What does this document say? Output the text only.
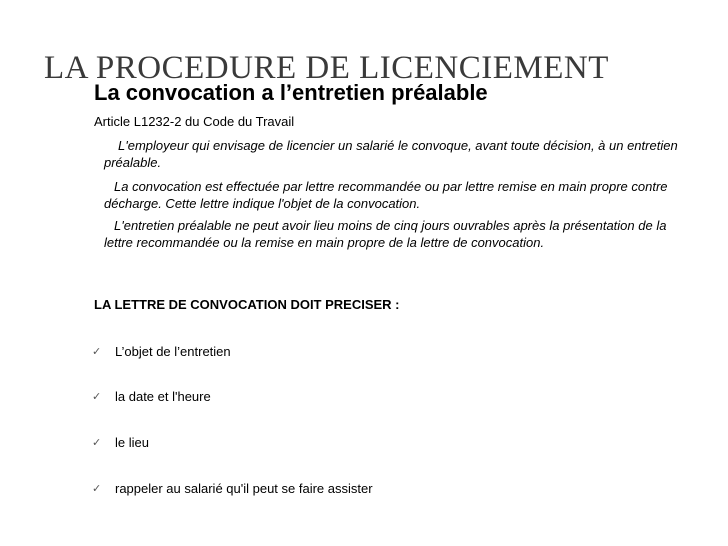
LA PROCEDURE DE LICENCIEMENT
La convocation a l’entretien préalable
Article L1232-2 du Code du Travail

L'employeur qui envisage de licencier un salarié le convoque, avant toute décision, à un entretien préalable.

La convocation est effectuée par lettre recommandée ou par lettre remise en main propre contre décharge. Cette lettre indique l'objet de la convocation.

L'entretien préalable ne peut avoir lieu moins de cinq jours ouvrables après la présentation de la lettre recommandée ou la remise en main propre de la lettre de convocation.

LA LETTRE DE CONVOCATION DOIT PRECISER :
✓ L’objet de l’entretien
✓ la date et l'heure
✓ le lieu
✓ rappeler au salarié qu'il peut se faire assister
